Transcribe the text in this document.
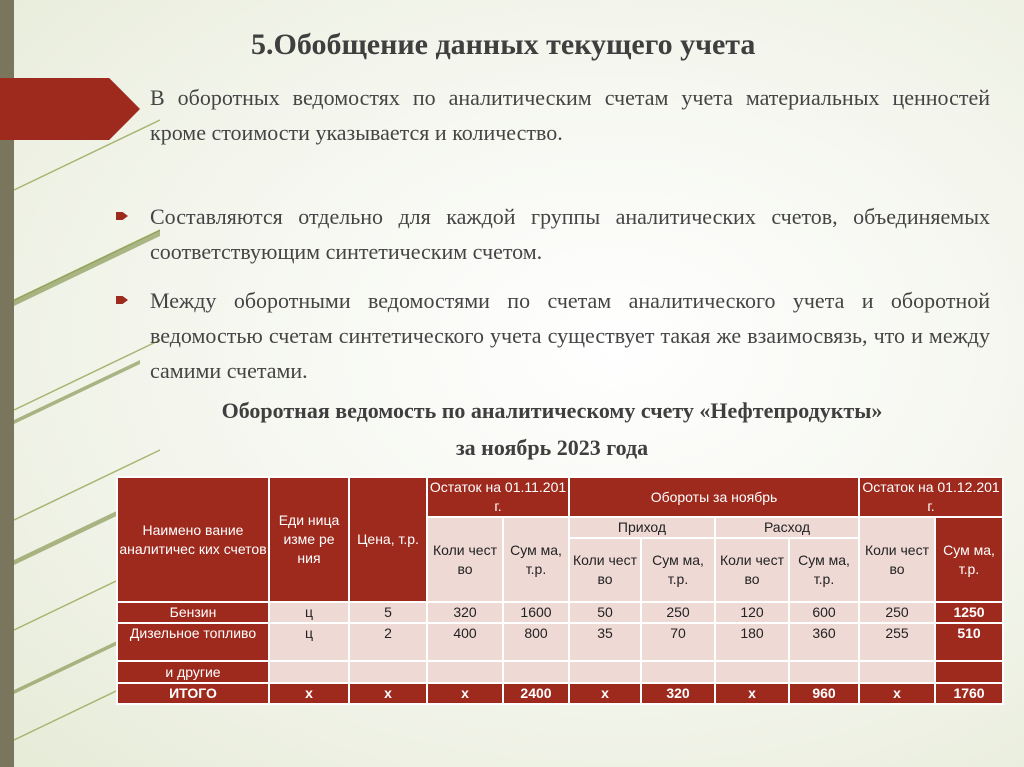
5.Обобщение данных текущего учета

В оборотных ведомостях по аналитическим счетам учета материальных ценностей кроме стоимости указывается и количество.

Составляются отдельно для каждой группы аналитических счетов, объединяемых соответствующим синтетическим счетом.

Между оборотными ведомостями по счетам аналитического учета и оборотной ведомостью счетам синтетического учета существует такая же взаимосвязь, что и между самими счетами.

Оборотная ведомость по аналитическому счету «Нефтепродукты»

за ноябрь 2023 года

Наимено вание аналитичес ких счетов	Еди ница изме ре ния	Цена, т.р.	Остаток на 01.11.201 г.		Обороты за ноябрь				Остаток на 01.12.201 г.	
			Коли чест во	Сум ма, т.р.	Приход		Расход		Коли чест во	Сум ма, т.р.
					Коли чест во	Сум ма, т.р.	Коли чест во	Сум ма, т.р.		
Бензин	ц	5	320	1600	50	250	120	600	250	1250
Дизельное топливо	ц	2	400	800	35	70	180	360	255	510
и другие										
ИТОГО	х	х	х	2400	х	320	х	960	х	1760
